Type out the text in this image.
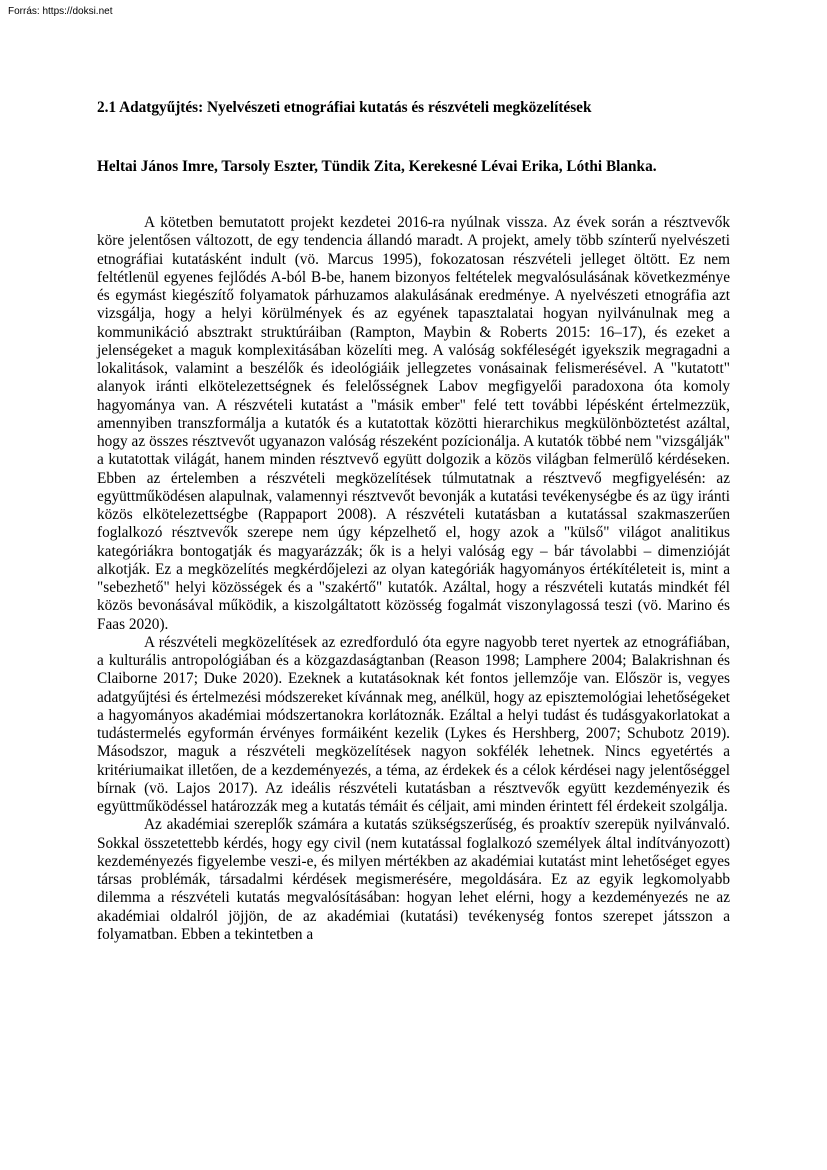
Forrás: https://doksi.net
2.1 Adatgyűjtés: Nyelvészeti etnográfiai kutatás és részvételi megközelítések
Heltai János Imre, Tarsoly Eszter, Tündik Zita, Kerekesné Lévai Erika, Lóthi Blanka.

A kötetben bemutatott projekt kezdetei 2016-ra nyúlnak vissza. Az évek során a résztvevők köre jelentősen változott, de egy tendencia állandó maradt. A projekt, amely több színterű nyelvészeti etnográfiai kutatásként indult (vö. Marcus 1995), fokozatosan részvételi jelleget öltött. Ez nem feltétlenül egyenes fejlődés A-ból B-be, hanem bizonyos feltételek megvalósulásának következménye és egymást kiegészítő folyamatok párhuzamos alakulásának eredménye. A nyelvészeti etnográfia azt vizsgálja, hogy a helyi körülmények és az egyének tapasztalatai hogyan nyilvánulnak meg a kommunikáció absztrakt struktúráiban (Rampton, Maybin & Roberts 2015: 16–17), és ezeket a jelenségeket a maguk komplexitásában közelíti meg. A valóság sokféleségét igyekszik megragadni a lokalitások, valamint a beszélők és ideológiáik jellegzetes vonásainak felismerésével. A "kutatott" alanyok iránti elkötelezettségnek és felelősségnek Labov megfigyelői paradoxona óta komoly hagyománya van. A részvételi kutatást a "másik ember" felé tett további lépésként értelmezzük, amennyiben transzformálja a kutatók és a kutatottak közötti hierarchikus megkülönböztetést azáltal, hogy az összes résztvevőt ugyanazon valóság részeként pozícionálja. A kutatók többé nem "vizsgálják" a kutatottak világát, hanem minden résztvevő együtt dolgozik a közös világban felmerülő kérdéseken. Ebben az értelemben a részvételi megközelítések túlmutatnak a résztvevő megfigyelésén: az együttműködésen alapulnak, valamennyi résztvevőt bevonják a kutatási tevékenységbe és az ügy iránti közös elkötelezettségbe (Rappaport 2008). A részvételi kutatásban a kutatással szakmaszerűen foglalkozó résztvevők szerepe nem úgy képzelhető el, hogy azok a "külső" világot analitikus kategóriákra bontogatják és magyarázzák; ők is a helyi valóság egy – bár távolabbi – dimenzióját alkotják. Ez a megközelítés megkérdőjelezi az olyan kategóriák hagyományos értékítéleteit is, mint a "sebezhető" helyi közösségek és a "szakértő" kutatók. Azáltal, hogy a részvételi kutatás mindkét fél közös bevonásával működik, a kiszolgáltatott közösség fogalmát viszonylagossá teszi (vö. Marino és Faas 2020).

A részvételi megközelítések az ezredforduló óta egyre nagyobb teret nyertek az etnográfiában, a kulturális antropológiában és a közgazdaságtanban (Reason 1998; Lamphere 2004; Balakrishnan és Claiborne 2017; Duke 2020). Ezeknek a kutatásoknak két fontos jellemzője van. Először is, vegyes adatgyűjtési és értelmezési módszereket kívánnak meg, anélkül, hogy az episztemológiai lehetőségeket a hagyományos akadémiai módszertanokra korlátoznák. Ezáltal a helyi tudást és tudásgyakorlatokat a tudástermelés egyformán érvényes formáiként kezelik (Lykes és Hershberg, 2007; Schubotz 2019). Másodszor, maguk a részvételi megközelítések nagyon sokfélék lehetnek. Nincs egyetértés a kritériumaikat illetően, de a kezdeményezés, a téma, az érdekek és a célok kérdései nagy jelentőséggel bírnak (vö. Lajos 2017). Az ideális részvételi kutatásban a résztvevők együtt kezdeményezik és együttműködéssel határozzák meg a kutatás témáit és céljait, ami minden érintett fél érdekeit szolgálja.

Az akadémiai szereplők számára a kutatás szükségszerűség, és proaktív szerepük nyilvánvaló. Sokkal összetettebb kérdés, hogy egy civil (nem kutatással foglalkozó személyek által indítványozott) kezdeményezés figyelembe veszi-e, és milyen mértékben az akadémiai kutatást mint lehetőséget egyes társas problémák, társadalmi kérdések megismerésére, megoldására. Ez az egyik legkomolyabb dilemma a részvételi kutatás megvalósításában: hogyan lehet elérni, hogy a kezdeményezés ne az akadémiai oldalról jöjjön, de az akadémiai (kutatási) tevékenység fontos szerepet játsszon a folyamatban. Ebben a tekintetben a
